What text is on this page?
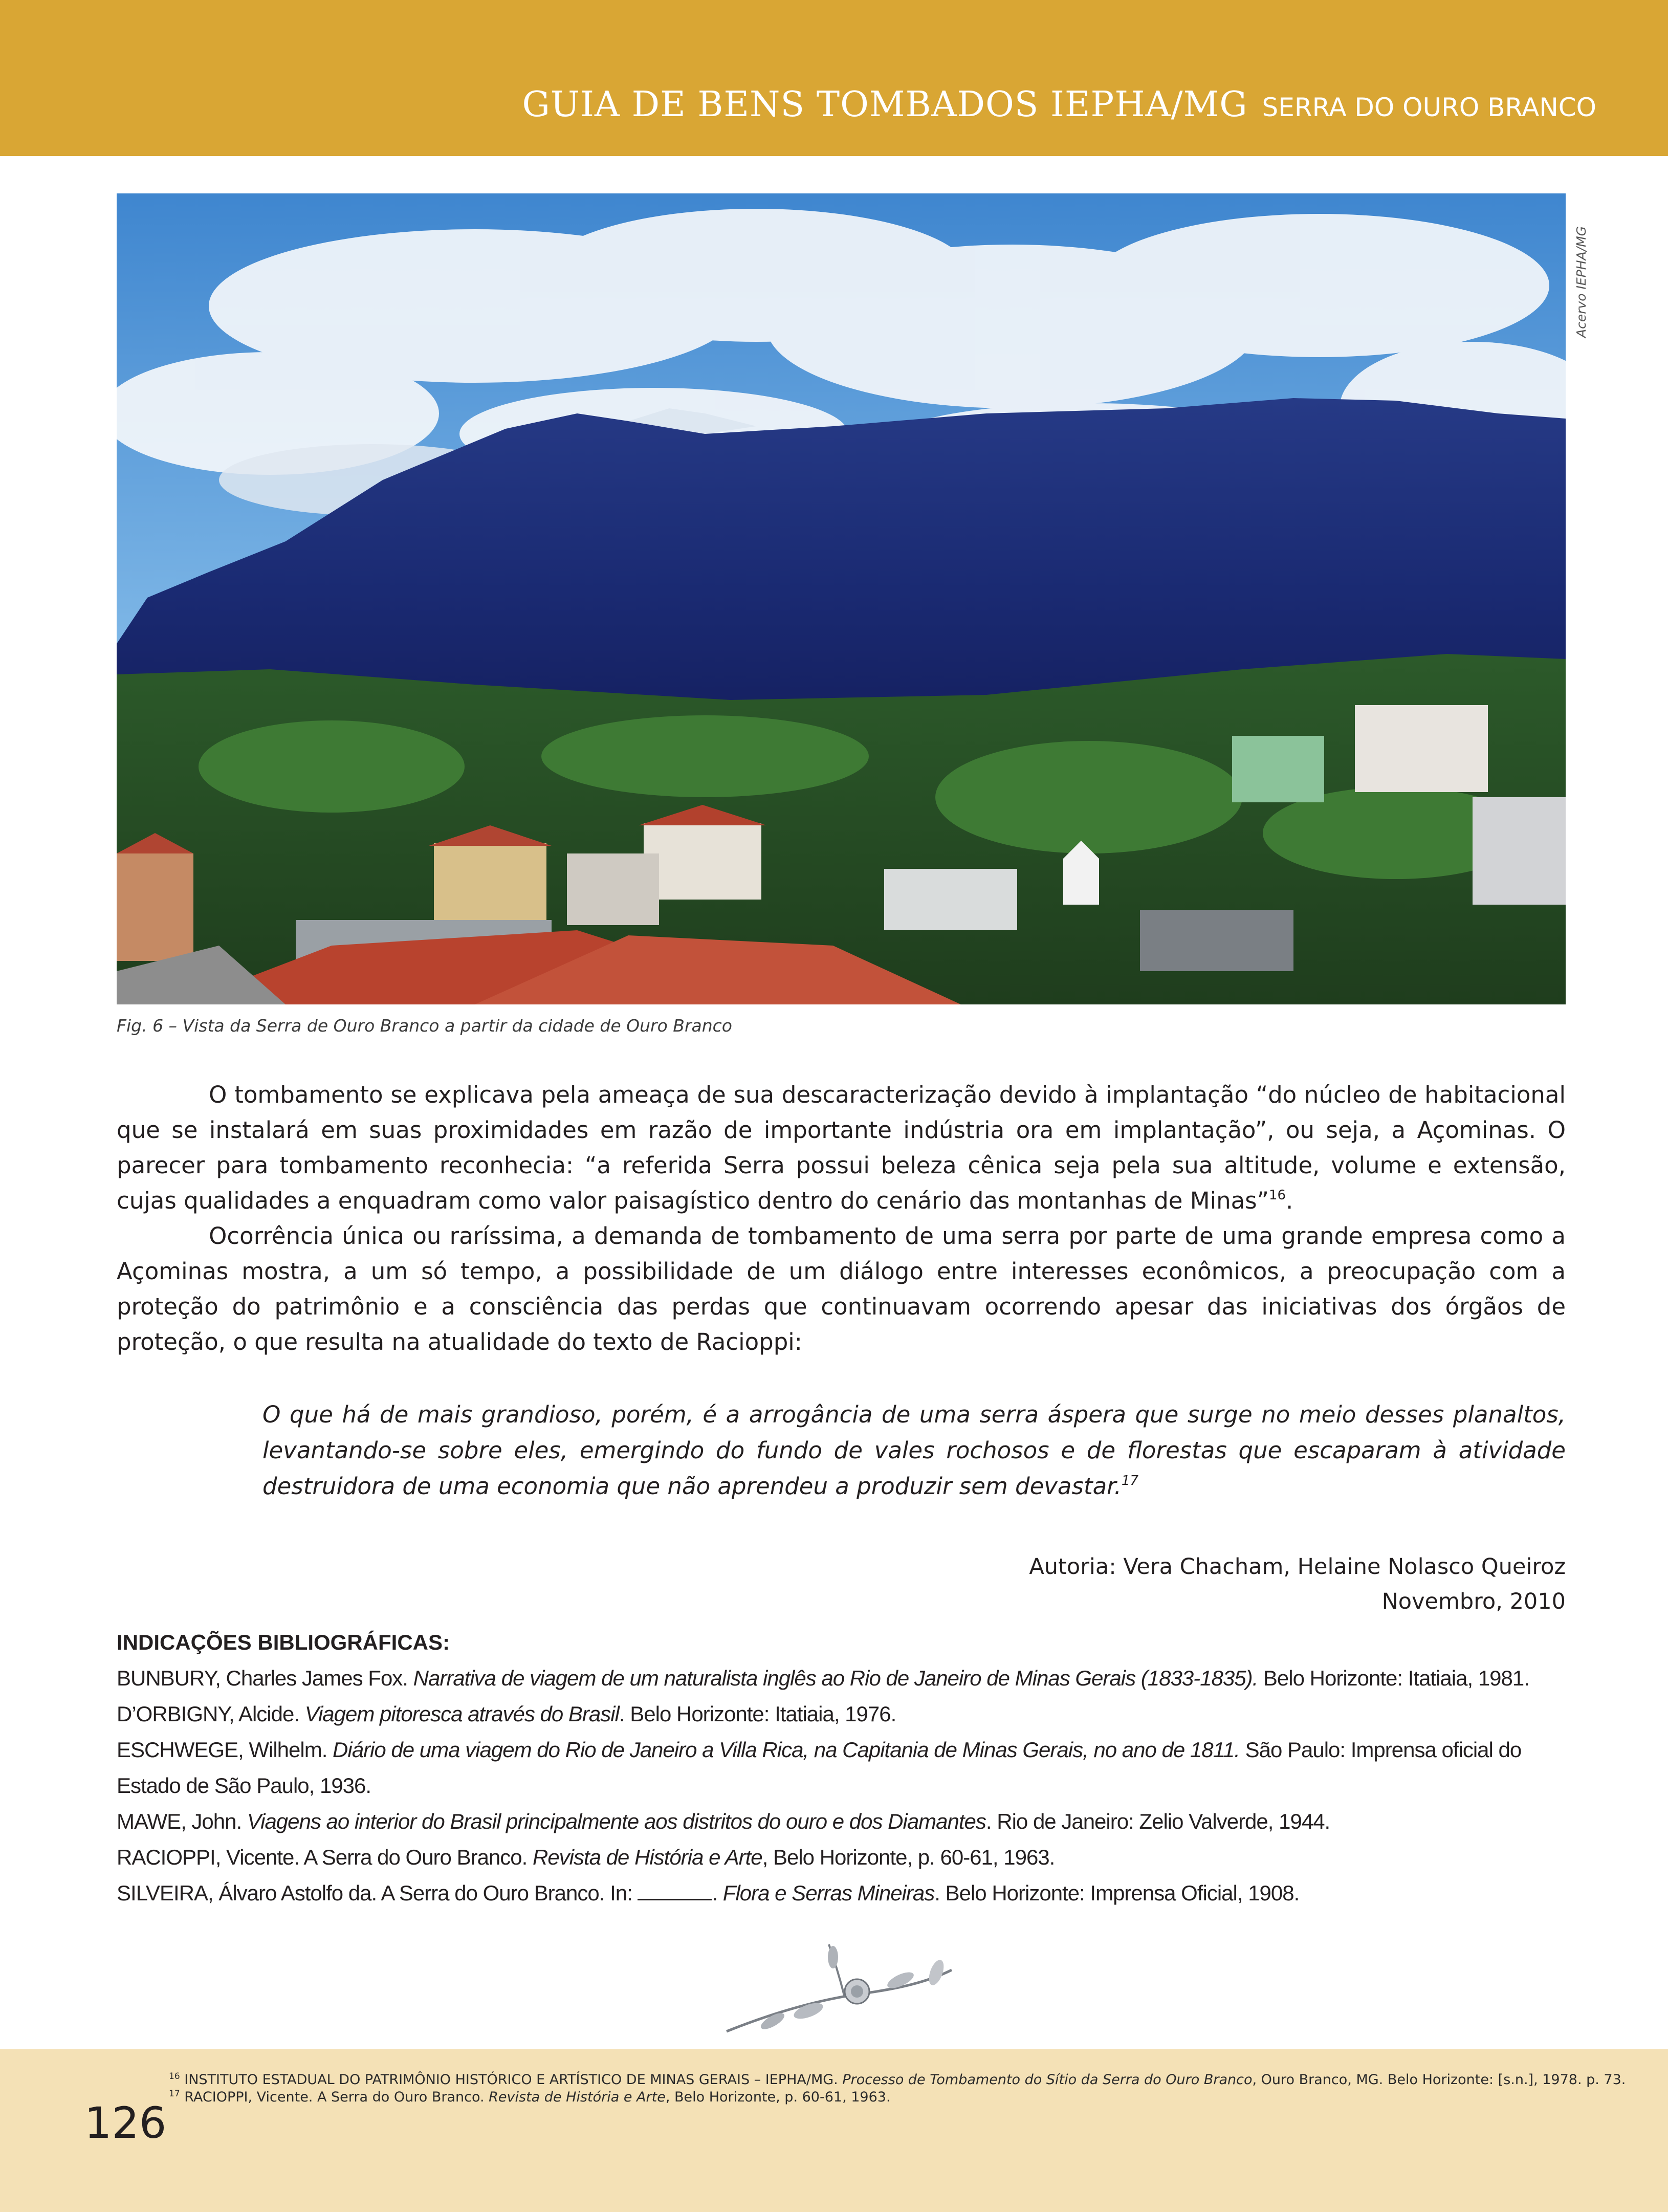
GUIA DE BENS TOMBADOS IEPHA/MG SERRA DO OURO BRANCO
Acervo IEPHA/MG
Fig. 6 – Vista da Serra de Ouro Branco a partir da cidade de Ouro Branco

O tombamento se explicava pela ameaça de sua descaracterização devido à implantação “do núcleo de habitacional que se instalará em suas proximidades em razão de importante indústria ora em implantação”, ou seja, a Açominas. O parecer para tombamento reconhecia: “a referida Serra possui beleza cênica seja pela sua altitude, volume e extensão, cujas qualidades a enquadram como valor paisagístico dentro do cenário das montanhas de Minas”$^{16}$.

Ocorrência única ou raríssima, a demanda de tombamento de uma serra por parte de uma grande empresa como a Açominas mostra, a um só tempo, a possibilidade de um diálogo entre interesses econômicos, a preocupação com a proteção do patrimônio e a consciência das perdas que continuavam ocorrendo apesar das iniciativas dos órgãos de proteção, o que resulta na atualidade do texto de Racioppi:

O que há de mais grandioso, porém, é a arrogância de uma serra áspera que surge no meio desses planaltos, levantando-se sobre eles, emergindo do fundo de vales rochosos e de florestas que escaparam à atividade destruidora de uma economia que não aprendeu a produzir sem devastar.$^{17}$
Autoria: Vera Chacham, Helaine Nolasco Queiroz
Novembro, 2010
INDICAÇÕES BIBLIOGRÁFICAS:
BUNBURY, Charles James Fox. Narrativa de viagem de um naturalista inglês ao Rio de Janeiro de Minas Gerais (1833-1835). Belo Horizonte: Itatiaia, 1981.
D’ORBIGNY, Alcide. Viagem pitoresca através do Brasil. Belo Horizonte: Itatiaia, 1976.
ESCHWEGE, Wilhelm. Diário de uma viagem do Rio de Janeiro a Villa Rica, na Capitania de Minas Gerais, no ano de 1811. São Paulo: Imprensa oficial do Estado de São Paulo, 1936.
MAWE, John. Viagens ao interior do Brasil principalmente aos distritos do ouro e dos Diamantes. Rio de Janeiro: Zelio Valverde, 1944.
RACIOPPI, Vicente. A Serra do Ouro Branco. Revista de História e Arte, Belo Horizonte, p. 60-61, 1963.
SILVEIRA, Álvaro Astolfo da. A Serra do Ouro Branco. In:	. Flora e Serras Mineiras. Belo Horizonte: Imprensa Oficial, 1908.
$^{16}$ INSTITUTO ESTADUAL DO PATRIMÔNIO HISTÓRICO E ARTÍSTICO DE MINAS GERAIS – IEPHA/MG. Processo de Tombamento do Sítio da Serra do Ouro Branco, Ouro Branco, MG. Belo Horizonte: [s.n.], 1978. p. 73.
$^{17}$ RACIOPPI, Vicente. A Serra do Ouro Branco. Revista de História e Arte, Belo Horizonte, p. 60-61, 1963.
126
